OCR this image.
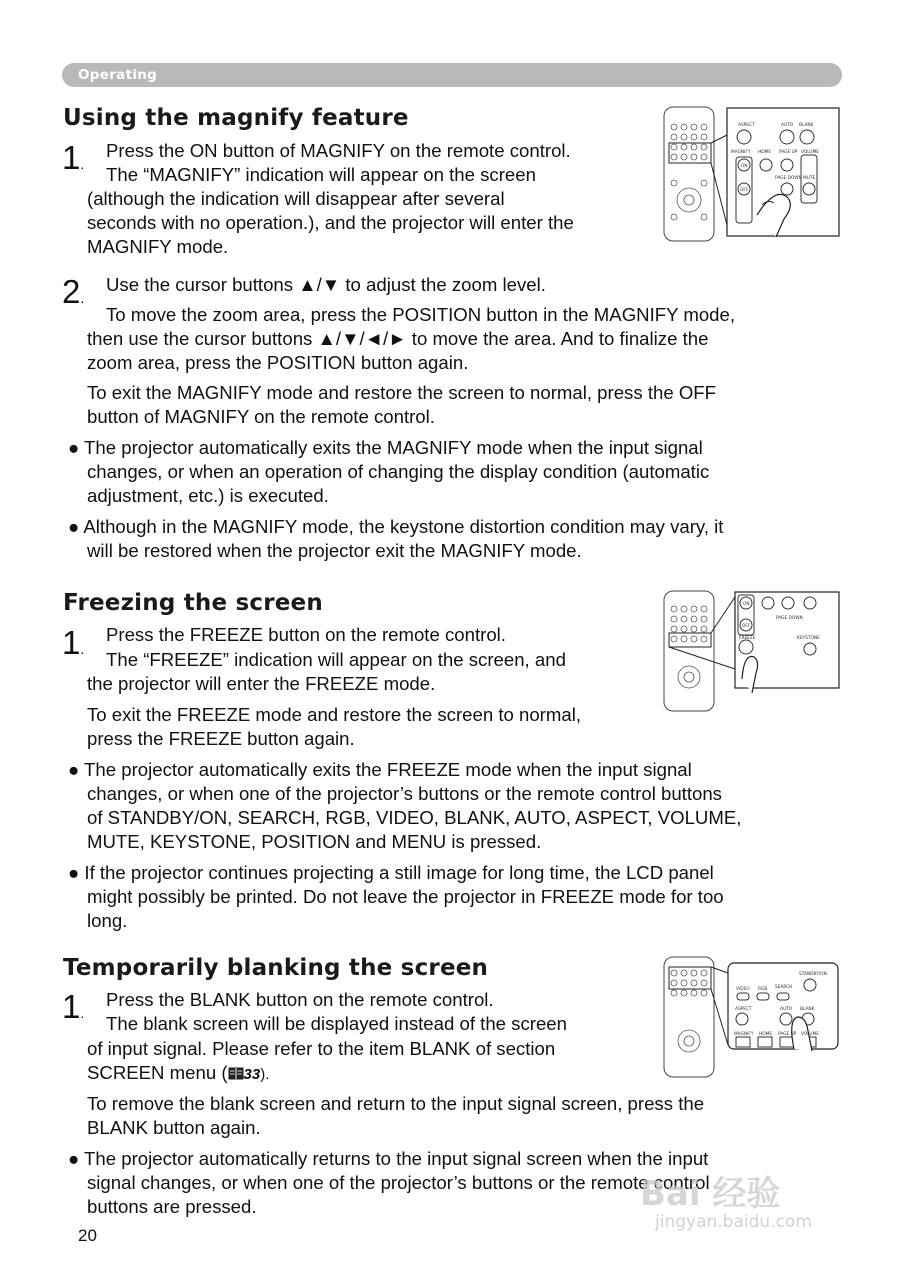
Operating
Using the magnify feature
1.
Press the ON button of MAGNIFY on the remote control.
The “MAGNIFY” indication will appear on the screen
(although the indication will disappear after several
seconds with no operation.), and the projector will enter the
MAGNIFY mode.
2.
Use the cursor buttons ▲/▼ to adjust the zoom level.
To move the zoom area, press the POSITION button in the MAGNIFY mode,
then use the cursor buttons ▲/▼/◄/► to move the area. And to finalize the
zoom area, press the POSITION button again.
To exit the MAGNIFY mode and restore the screen to normal, press the OFF
button of MAGNIFY on the remote control.
● The projector automatically exits the MAGNIFY mode when the input signal
changes, or when an operation of changing the display condition (automatic
adjustment, etc.) is executed.
● Although in the MAGNIFY mode, the keystone distortion condition may vary, it
will be restored when the projector exit the MAGNIFY mode.
ASPECT	AUTO BLANK
MAGNIFY HOME PAGE UP VOLUME
ON
OFF
PAGE DOWN MUTE
Freezing the screen
1.
Press the FREEZE button on the remote control.
The “FREEZE” indication will appear on the screen, and
the projector will enter the FREEZE mode.
To exit the FREEZE mode and restore the screen to normal,
press the FREEZE button again.
● The projector automatically exits the FREEZE mode when the input signal
changes, or when one of the projector’s buttons or the remote control buttons
of STANDBY/ON, SEARCH, RGB, VIDEO, BLANK, AUTO, ASPECT, VOLUME,
MUTE, KEYSTONE, POSITION and MENU is pressed.
● If the projector continues projecting a still image for long time, the LCD panel
might possibly be printed. Do not leave the projector in FREEZE mode for too
long.
ON
OFF
PAGE DOWN
FREEZE	KEYSTONE
Temporarily blanking the screen
1.
Press the BLANK button on the remote control.
The blank screen will be displayed instead of the screen
of input signal. Please refer to the item BLANK of section
SCREEN menu ( 33).
To remove the blank screen and return to the input signal screen, press the
BLANK button again.
● The projector automatically returns to the input signal screen when the input
signal changes, or when one of the projector’s buttons or the remote control
buttons are pressed.
STANDBY/ON
VIDEO RGB SEARCH
ASPECT	AUTO BLANK
MAGNIFY HOME PAGE UP VOLUME
20
Bai 经验
jingyan.baidu.com
